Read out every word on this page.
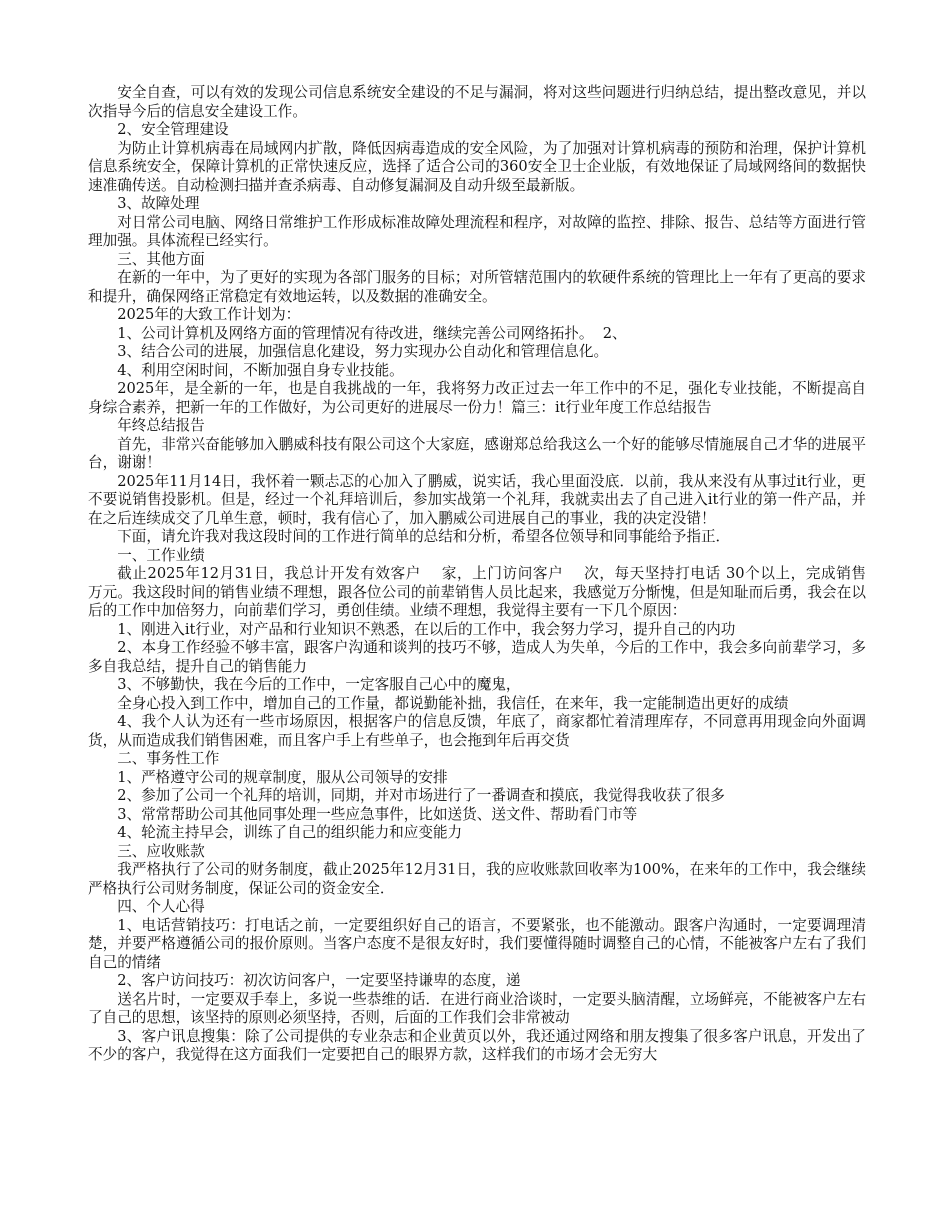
安全自查，可以有效的发现公司信息系统安全建设的不足与漏洞，将对这些问题进行归纳总结，提出整改意见，并以次指导今后的信息安全建设工作。

2、安全管理建设

为防止计算机病毒在局域网内扩散，降低因病毒造成的安全风险，为了加强对计算机病毒的预防和治理，保护计算机信息系统安全，保障计算机的正常快速反应，选择了适合公司的360安全卫士企业版，有效地保证了局域网络间的数据快速准确传送。自动检测扫描并查杀病毒、自动修复漏洞及自动升级至最新版。

3、故障处理

对日常公司电脑、网络日常维护工作形成标准故障处理流程和程序，对故障的监控、排除、报告、总结等方面进行管理加强。具体流程已经实行。

三、其他方面

在新的一年中，为了更好的实现为各部门服务的目标；对所管辖范围内的软硬件系统的管理比上一年有了更高的要求和提升，确保网络正常稳定有效地运转，以及数据的准确安全。

2025年的大致工作计划为：

1、公司计算机及网络方面的管理情况有待改进，继续完善公司网络拓扑。  2、

3、结合公司的进展，加强信息化建设，努力实现办公自动化和管理信息化。

4、利用空闲时间，不断加强自身专业技能。

2025年，是全新的一年，也是自我挑战的一年，我将努力改正过去一年工作中的不足，强化专业技能，不断提高自身综合素养，把新一年的工作做好，为公司更好的进展尽一份力！篇三：it行业年度工作总结报告

年终总结报告

首先，非常兴奋能够加入鹏威科技有限公司这个大家庭，感谢郑总给我这么一个好的能够尽情施展自己才华的进展平台，谢谢！

2025年11月14日，我怀着一颗忐忑的心加入了鹏威，说实话，我心里面没底．以前，我从来没有从事过it行业，更不要说销售投影机。但是，经过一个礼拜培训后，参加实战第一个礼拜，我就卖出去了自己进入it行业的第一件产品，并在之后连续成交了几单生意，顿时，我有信心了，加入鹏威公司进展自己的事业，我的决定没错！

下面，请允许我对我这段时间的工作进行简单的总结和分析，希望各位领导和同事能给予指正．

一、工作业绩

截止2025年12月31日，我总计开发有效客户    家，上门访问客户    次，每天坚持打电话 30个以上，完成销售    万元。我这段时间的销售业绩不理想，跟各位公司的前辈销售人员比起来，我感觉万分惭愧，但是知耻而后勇，我会在以后的工作中加倍努力，向前辈们学习，勇创佳绩。业绩不理想，我觉得主要有一下几个原因：

1、刚进入it行业，对产品和行业知识不熟悉，在以后的工作中，我会努力学习，提升自己的内功

2、本身工作经验不够丰富，跟客户沟通和谈判的技巧不够，造成人为失单，今后的工作中，我会多向前辈学习，多多自我总结，提升自己的销售能力

3、不够勤快，我在今后的工作中，一定客服自己心中的魔鬼，

全身心投入到工作中，增加自己的工作量，都说勤能补拙，我信任，在来年，我一定能制造出更好的成绩

4、我个人认为还有一些市场原因，根据客户的信息反馈，年底了，商家都忙着清理库存，不同意再用现金向外面调货，从而造成我们销售困难，而且客户手上有些单子，也会拖到年后再交货

二、事务性工作

1、严格遵守公司的规章制度，服从公司领导的安排

2、参加了公司一个礼拜的培训，同期，并对市场进行了一番调查和摸底，我觉得我收获了很多

3、常常帮助公司其他同事处理一些应急事件，比如送货、送文件、帮助看门市等

4、轮流主持早会，训练了自己的组织能力和应变能力

三、应收账款

我严格执行了公司的财务制度，截止2025年12月31日，我的应收账款回收率为100%，在来年的工作中，我会继续严格执行公司财务制度，保证公司的资金安全．

四、个人心得

1、电话营销技巧：打电话之前，一定要组织好自己的语言，不要紧张，也不能激动。跟客户沟通时，一定要调理清楚，并要严格遵循公司的报价原则。当客户态度不是很友好时，我们要懂得随时调整自己的心情，不能被客户左右了我们自己的情绪

2、客户访问技巧：初次访问客户，一定要坚持谦卑的态度，递

送名片时，一定要双手奉上，多说一些恭维的话．在进行商业洽谈时，一定要头脑清醒，立场鲜亮，不能被客户左右了自己的思想，该坚持的原则必须坚持，否则，后面的工作我们会非常被动

3、客户讯息搜集：除了公司提供的专业杂志和企业黄页以外，我还通过网络和朋友搜集了很多客户讯息，开发出了不少的客户，我觉得在这方面我们一定要把自己的眼界方款，这样我们的市场才会无穷大
